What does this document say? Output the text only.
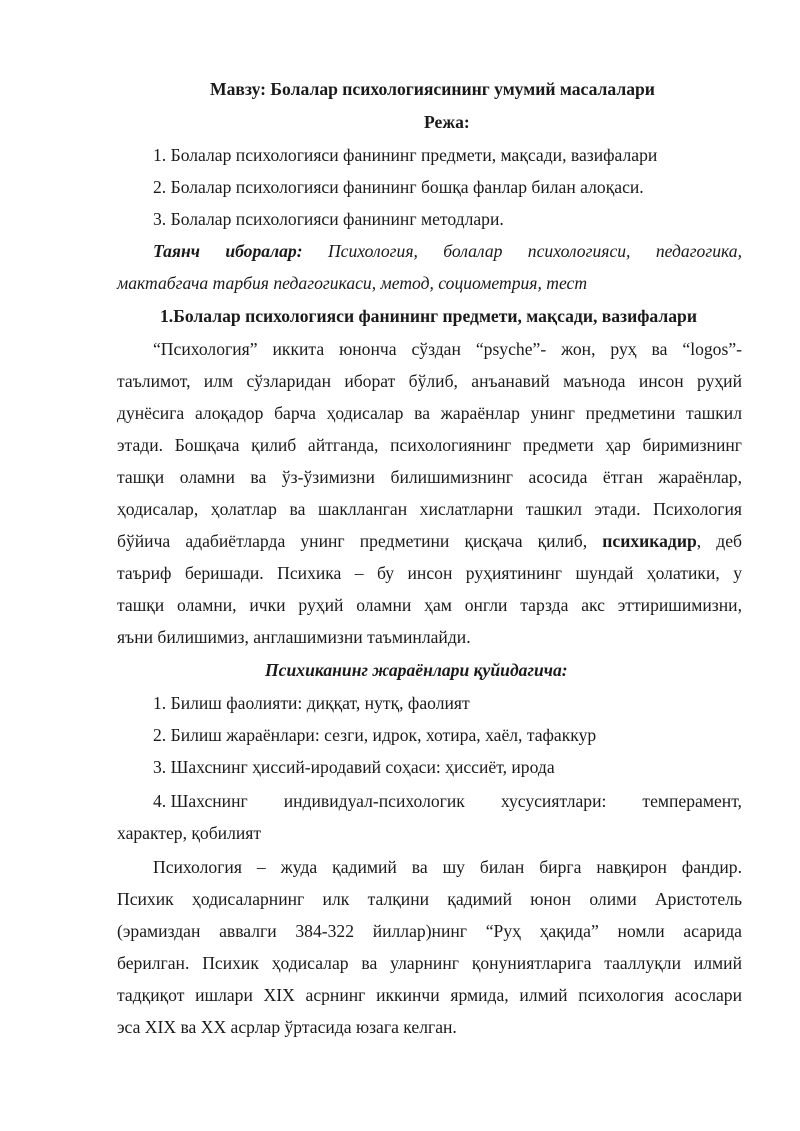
Мавзу: Болалар психологиясининг умумий масалалари
Режа:
1. Болалар психологияси фанининг предмети, мақсади, вазифалари
2. Болалар психологияси фанининг бошқа фанлар билан алоқаси.
3. Болалар психологияси фанининг методлари.
Таянч иборалар: Психология, болалар психологияси, педагогика,
мактабгача тарбия педагогикаси, метод, социометрия, тест
1.Болалар психологияси фанининг предмети, мақсади, вазифалари
“Психология” иккита юнонча сўздан “psyche”- жон, руҳ ва “logos”-
таълимот, илм сўзларидан иборат бўлиб, анъанавий маънода инсон руҳий
дунёсига алоқадор барча ҳодисалар ва жараёнлар унинг предметини ташкил
этади. Бошқача қилиб айтганда, психологиянинг предмети ҳар биримизнинг
ташқи оламни ва ўз-ўзимизни билишимизнинг асосида ётган жараёнлар,
ҳодисалар, ҳолатлар ва шаклланган хислатларни ташкил этади. Психология
бўйича адабиётларда унинг предметини қисқача қилиб, психикадир, деб
таъриф беришади. Психика – бу инсон руҳиятининг шундай ҳолатики, у
ташқи оламни, ички руҳий оламни ҳам онгли тарзда акс эттиришимизни,
яъни билишимиз, англашимизни таъминлайди.
Психиканинг жараёнлари қуйидагича:
1. Билиш фаолияти: диққат, нутқ, фаолият
2. Билиш жараёнлари: сезги, идрок, хотира, хаёл, тафаккур
3. Шахснинг ҳиссий-иродавий соҳаси: ҳиссиёт, ирода
4. Шахснинг индивидуал-психологик хусусиятлари: темперамент,
характер, қобилият
Психология – жуда қадимий ва шу билан бирга навқирон фандир.
Психик ҳодисаларнинг илк талқини қадимий юнон олими Аристотель
(эрамиздан аввалги 384-322 йиллар)нинг “Руҳ ҳақида” номли асарида
берилган. Психик ҳодисалар ва уларнинг қонуниятларига тааллуқли илмий
тадқиқот ишлари XIX асрнинг иккинчи ярмида, илмий психология асослари
эса XIX ва XX асрлар ўртасида юзага келган.
